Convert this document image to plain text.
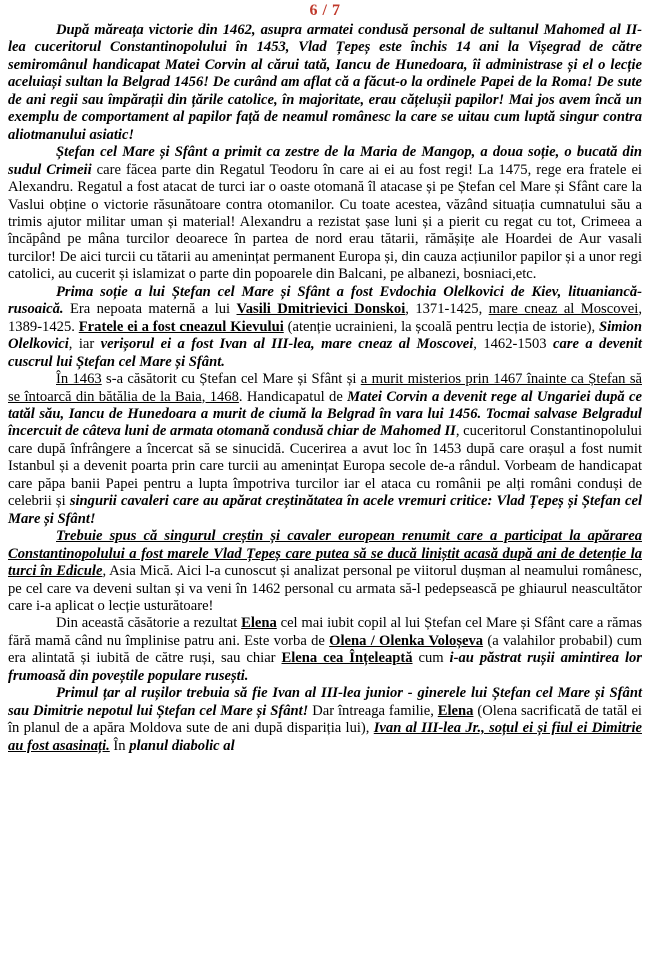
6 / 7

După măreața victorie din 1462, asupra armatei condusă personal de sultanul Mahomed al II-lea cuceritorul Constantinopolului în 1453, Vlad Țepeș este închis 14 ani la Vișegrad de către semiromânul handicapat Matei Corvin al cărui tată, Iancu de Hunedoara, îi administrase și el o lecție aceluiași sultan la Belgrad 1456! De curând am aflat că a făcut-o la ordinele Papei de la Roma! De sute de ani regii sau împărații din țările catolice, în majoritate, erau cățelușii papilor! Mai jos avem încă un exemplu de comportament al papilor față de neamul românesc la care se uitau cum luptă singur contra aliotmanului asiatic!

Ștefan cel Mare și Sfânt a primit ca zestre de la Maria de Mangop, a doua soție, o bucată din sudul Crimeii care făcea parte din Regatul Teodoru în care ai ei au fost regi! La 1475, rege era fratele ei Alexandru. Regatul a fost atacat de turci iar o oaste otomană îl atacase și pe Ștefan cel Mare și Sfânt care la Vaslui obține o victorie răsunătoare contra otomanilor. Cu toate acestea, văzând situația cumnatului său a trimis ajutor militar uman și material! Alexandru a rezistat șase luni și a pierit cu regat cu tot, Crimeea a încăpând pe mâna turcilor deoarece în partea de nord erau tătarii, rămășițe ale Hoardei de Aur vasali turcilor! De aici turcii cu tătarii au amenințat permanent Europa și, din cauza acțiunilor papilor și a unor regi catolici, au cucerit și islamizat o parte din popoarele din Balcani, pe albanezi, bosniaci,etc.

Prima soție a lui Ștefan cel Mare și Sfânt a fost Evdochia Olelkovici de Kiev, lituaniancă-rusoaică. Era nepoata maternă a lui Vasili Dmitrievici Donskoi, 1371-1425, mare cneaz al Moscovei, 1389-1425. Fratele ei a fost cneazul Kievului (atenție ucrainieni, la școală pentru lecția de istorie), Simion Olelkovici, iar verișorul ei a fost Ivan al III-lea, mare cneaz al Moscovei, 1462-1503 care a devenit cuscrul lui Ștefan cel Mare și Sfânt.

În 1463 s-a căsătorit cu Ștefan cel Mare și Sfânt și a murit misterios prin 1467 înainte ca Ștefan să se întoarcă din bătălia de la Baia, 1468. Handicapatul de Matei Corvin a devenit rege al Ungariei după ce tatăl său, Iancu de Hunedoara a murit de ciumă la Belgrad în vara lui 1456. Tocmai salvase Belgradul încercuit de câteva luni de armata otomană condusă chiar de Mahomed II, cuceritorul Constantinopolului care după înfrângere a încercat să se sinucidă. Cucerirea a avut loc în 1453 după care orașul a fost numit Istanbul și a devenit poarta prin care turcii au amenințat Europa secole de-a rândul. Vorbeam de handicapat care păpa banii Papei pentru a lupta împotriva turcilor iar el ataca cu românii pe alți români conduși de celebrii și singurii cavaleri care au apărat creștinătatea în acele vremuri critice: Vlad Țepeș și Ștefan cel Mare și Sfânt!

Trebuie spus că singurul creștin și cavaler european renumit care a participat la apărarea Constantinopolului a fost marele Vlad Țepeș care putea să se ducă liniștit acasă după ani de detenție la turci în Edicule, Asia Mică. Aici l-a cunoscut și analizat personal pe viitorul dușman al neamului românesc, pe cel care va deveni sultan și va veni în 1462 personal cu armata să-l pedepsească pe ghiaurul neascultător care i-a aplicat o lecție usturătoare!

Din această căsătorie a rezultat Elena cel mai iubit copil al lui Ștefan cel Mare și Sfânt care a rămas fără mamă când nu împlinise patru ani. Este vorba de Olena / Olenka Voloșeva (a valahilor probabil) cum era alintată și iubită de către ruși, sau chiar Elena cea Înțeleaptă cum i-au păstrat rușii amintirea lor frumoasă din poveștile populare rusești.

Primul țar al rușilor trebuia să fie Ivan al III-lea junior - ginerele lui Ștefan cel Mare și Sfânt sau Dimitrie nepotul lui Ștefan cel Mare și Sfânt! Dar întreaga familie, Elena (Olena sacrificată de tatăl ei în planul de a apăra Moldova sute de ani după dispariția lui), Ivan al III-lea Jr., soțul ei și fiul ei Dimitrie au fost asasinați. În planul diabolic al
